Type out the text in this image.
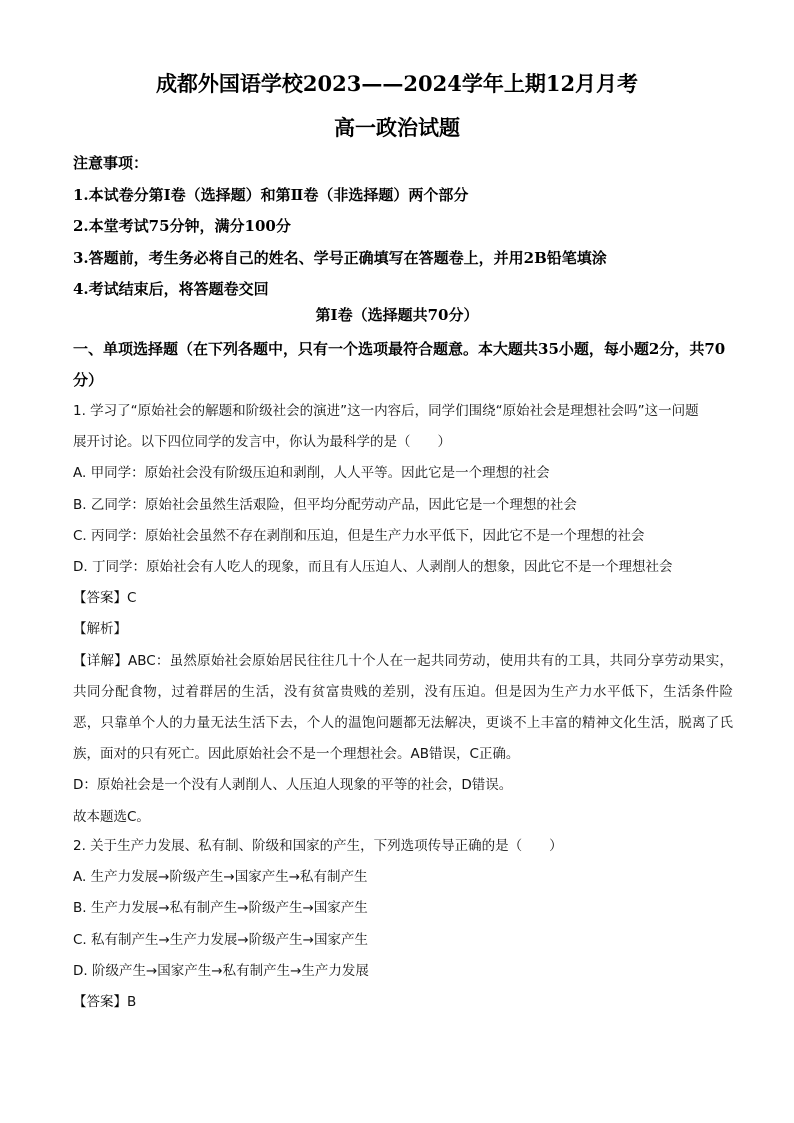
成都外国语学校2023——2024学年上期12月月考
高一政治试题
注意事项：
1.本试卷分第Ⅰ卷（选择题）和第Ⅱ卷（非选择题）两个部分
2.本堂考试75分钟，满分100分
3.答题前，考生务必将自己的姓名、学号正确填写在答题卷上，并用2B铅笔填涂
4.考试结束后，将答题卷交回
第Ⅰ卷（选择题共70分）
一、单项选择题（在下列各题中，只有一个选项最符合题意。本大题共35小题，每小题2分，共70分）

1. 学习了“原始社会的解题和阶级社会的演进”这一内容后，同学们围绕“原始社会是理想社会吗”这一问题

展开讨论。以下四位同学的发言中，你认为最科学的是（　　）

A. 甲同学：原始社会没有阶级压迫和剥削，人人平等。因此它是一个理想的社会

B. 乙同学：原始社会虽然生活艰险，但平均分配劳动产品，因此它是一个理想的社会

C. 丙同学：原始社会虽然不存在剥削和压迫，但是生产力水平低下，因此它不是一个理想的社会

D. 丁同学：原始社会有人吃人的现象，而且有人压迫人、人剥削人的想象，因此它不是一个理想社会

【答案】C

【解析】

【详解】ABC：虽然原始社会原始居民往往几十个人在一起共同劳动，使用共有的工具，共同分享劳动果实，共同分配食物，过着群居的生活，没有贫富贵贱的差别，没有压迫。但是因为生产力水平低下，生活条件险恶，只靠单个人的力量无法生活下去，个人的温饱问题都无法解决，更谈不上丰富的精神文化生活，脱离了氏族，面对的只有死亡。因此原始社会不是一个理想社会。AB错误，C正确。

D：原始社会是一个没有人剥削人、人压迫人现象的平等的社会，D错误。

故本题选C。

2. 关于生产力发展、私有制、阶级和国家的产生，下列选项传导正确的是（　　）

A. 生产力发展→阶级产生→国家产生→私有制产生

B. 生产力发展→私有制产生→阶级产生→国家产生

C. 私有制产生→生产力发展→阶级产生→国家产生

D. 阶级产生→国家产生→私有制产生→生产力发展

【答案】B
